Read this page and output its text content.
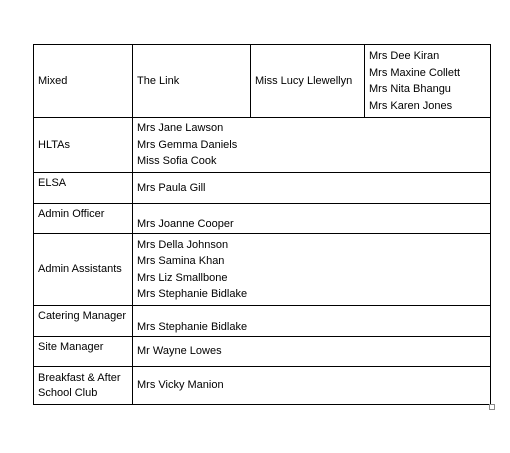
Mixed	The Link	Miss Lucy Llewellyn	Mrs Dee Kiran
Mrs Maxine Collett
Mrs Nita Bhangu
Mrs Karen Jones

HLTAs	Mrs Jane Lawson
Mrs Gemma Daniels
Miss Sofia Cook		

ELSA	Mrs Paula Gill		

Admin Officer	Mrs Joanne Cooper		

Admin Assistants	Mrs Della Johnson
Mrs Samina Khan
Mrs Liz Smallbone
Mrs Stephanie Bidlake		

Catering Manager	Mrs Stephanie Bidlake		

Site Manager	Mr Wayne Lowes		

Breakfast & After School Club	Mrs Vicky Manion		
